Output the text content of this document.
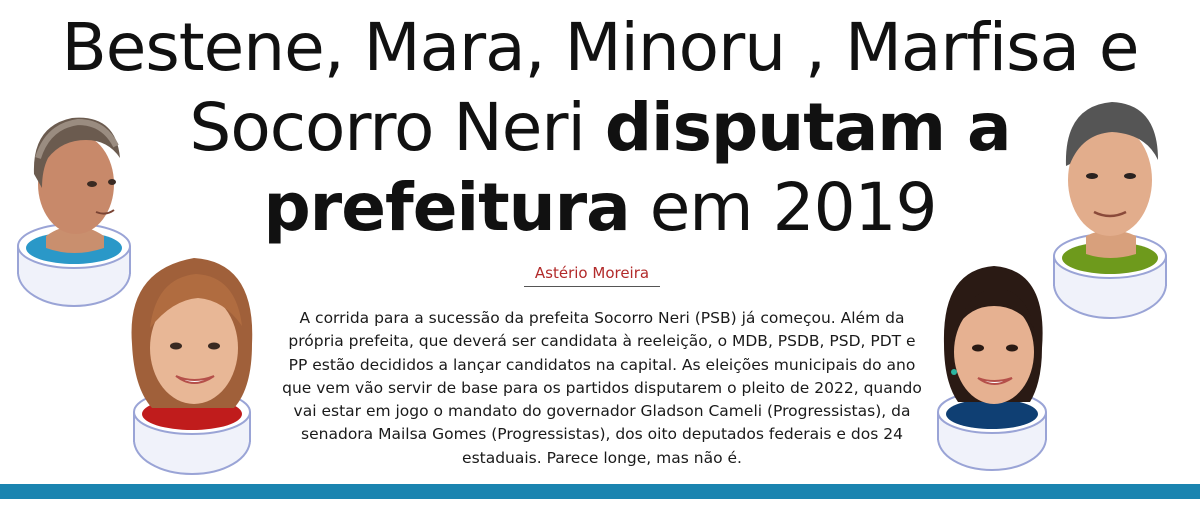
Bestene, Mara, Minoru , Marfisa e
Socorro Neri disputam a
prefeitura em 2019
Astério Moreira
A corrida para a sucessão da prefeita Socorro Neri (PSB) já começou. Além da própria prefeita, que deverá ser candidata à reeleição, o MDB, PSDB, PSD, PDT e PP estão decididos a lançar candidatos na capital. As eleições municipais do ano que vem vão servir de base para os partidos disputarem o pleito de 2022, quando vai estar em jogo o mandato do governador Gladson Cameli (Progressistas), da senadora Mailsa Gomes (Progressistas), dos oito deputados federais e dos 24 estaduais. Parece longe, mas não é.
